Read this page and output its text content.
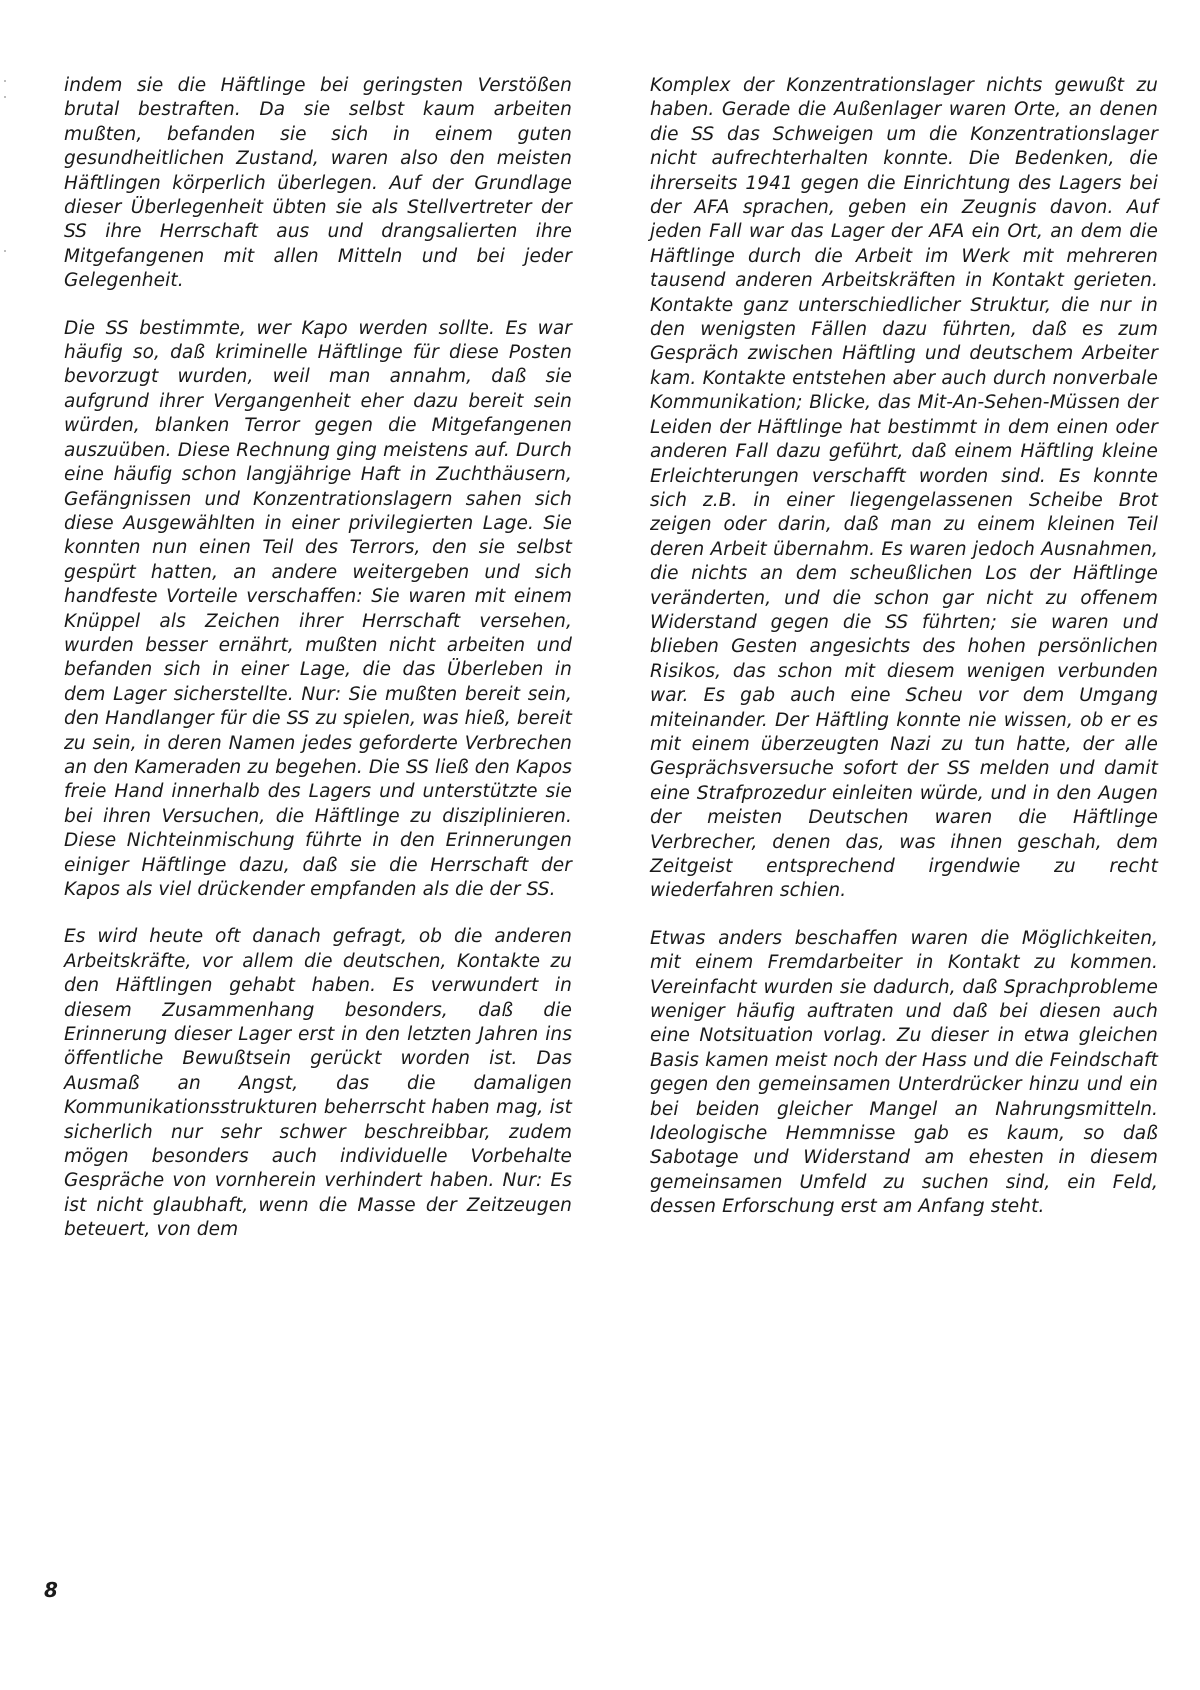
indem sie die Häftlinge bei geringsten Verstößen brutal bestraften. Da sie selbst kaum arbeiten mußten, befanden sie sich in einem guten gesundheitlichen Zustand, waren also den meisten Häftlingen körperlich überlegen. Auf der Grundlage dieser Überlegenheit übten sie als Stellvertreter der SS ihre Herrschaft aus und drangsalierten ihre Mitgefangenen mit allen Mitteln und bei jeder Gelegenheit.

Die SS bestimmte, wer Kapo werden sollte. Es war häufig so, daß kriminelle Häftlinge für diese Posten bevorzugt wurden, weil man annahm, daß sie aufgrund ihrer Vergangenheit eher dazu bereit sein würden, blanken Terror gegen die Mitgefangenen auszuüben. Diese Rechnung ging meistens auf. Durch eine häufig schon langjährige Haft in Zuchthäusern, Gefängnissen und Konzentrationslagern sahen sich diese Ausgewählten in einer privilegierten Lage. Sie konnten nun einen Teil des Terrors, den sie selbst gespürt hatten, an andere weitergeben und sich handfeste Vorteile verschaffen: Sie waren mit einem Knüppel als Zeichen ihrer Herrschaft versehen, wurden besser ernährt, mußten nicht arbeiten und befanden sich in einer Lage, die das Überleben in dem Lager sicherstellte. Nur: Sie mußten bereit sein, den Handlanger für die SS zu spielen, was hieß, bereit zu sein, in deren Namen jedes geforderte Verbrechen an den Kameraden zu begehen. Die SS ließ den Kapos freie Hand innerhalb des Lagers und unterstützte sie bei ihren Versuchen, die Häftlinge zu disziplinieren. Diese Nichteinmischung führte in den Erinnerungen einiger Häftlinge dazu, daß sie die Herrschaft der Kapos als viel drückender empfanden als die der SS.

Es wird heute oft danach gefragt, ob die anderen Arbeitskräfte, vor allem die deutschen, Kontakte zu den Häftlingen gehabt haben. Es verwundert in diesem Zusammenhang besonders, daß die Erinnerung dieser Lager erst in den letzten Jahren ins öffentliche Bewußtsein gerückt worden ist. Das Ausmaß an Angst, das die damaligen Kommunikationsstrukturen beherrscht haben mag, ist sicherlich nur sehr schwer beschreibbar, zudem mögen besonders auch individuelle Vorbehalte Gespräche von vornherein verhindert haben. Nur: Es ist nicht glaubhaft, wenn die Masse der Zeitzeugen beteuert, von dem

Komplex der Konzentrationslager nichts gewußt zu haben. Gerade die Außenlager waren Orte, an denen die SS das Schweigen um die Konzentrationslager nicht aufrechterhalten konnte. Die Bedenken, die ihrerseits 1941 gegen die Einrichtung des Lagers bei der AFA sprachen, geben ein Zeugnis davon. Auf jeden Fall war das Lager der AFA ein Ort, an dem die Häftlinge durch die Arbeit im Werk mit mehreren tausend anderen Arbeitskräften in Kontakt gerieten. Kontakte ganz unterschiedlicher Struktur, die nur in den wenigsten Fällen dazu führten, daß es zum Gespräch zwischen Häftling und deutschem Arbeiter kam. Kontakte entstehen aber auch durch nonverbale Kommunikation; Blicke, das Mit-An-Sehen-Müssen der Leiden der Häftlinge hat bestimmt in dem einen oder anderen Fall dazu geführt, daß einem Häftling kleine Erleichterungen verschafft worden sind. Es konnte sich z.B. in einer liegengelassenen Scheibe Brot zeigen oder darin, daß man zu einem kleinen Teil deren Arbeit übernahm. Es waren jedoch Ausnahmen, die nichts an dem scheußlichen Los der Häftlinge veränderten, und die schon gar nicht zu offenem Widerstand gegen die SS führten; sie waren und blieben Gesten angesichts des hohen persönlichen Risikos, das schon mit diesem wenigen verbunden war. Es gab auch eine Scheu vor dem Umgang miteinander. Der Häftling konnte nie wissen, ob er es mit einem überzeugten Nazi zu tun hatte, der alle Gesprächsversuche sofort der SS melden und damit eine Strafprozedur einleiten würde, und in den Augen der meisten Deutschen waren die Häftlinge Verbrecher, denen das, was ihnen geschah, dem Zeitgeist entsprechend irgendwie zu recht wiederfahren schien.

Etwas anders beschaffen waren die Möglichkeiten, mit einem Fremdarbeiter in Kontakt zu kommen. Vereinfacht wurden sie dadurch, daß Sprachprobleme weniger häufig auftraten und daß bei diesen auch eine Notsituation vorlag. Zu dieser in etwa gleichen Basis kamen meist noch der Hass und die Feindschaft gegen den gemeinsamen Unterdrücker hinzu und ein bei beiden gleicher Mangel an Nahrungsmitteln. Ideologische Hemmnisse gab es kaum, so daß Sabotage und Widerstand am ehesten in diesem gemeinsamen Umfeld zu suchen sind, ein Feld, dessen Erforschung erst am Anfang steht.

8
